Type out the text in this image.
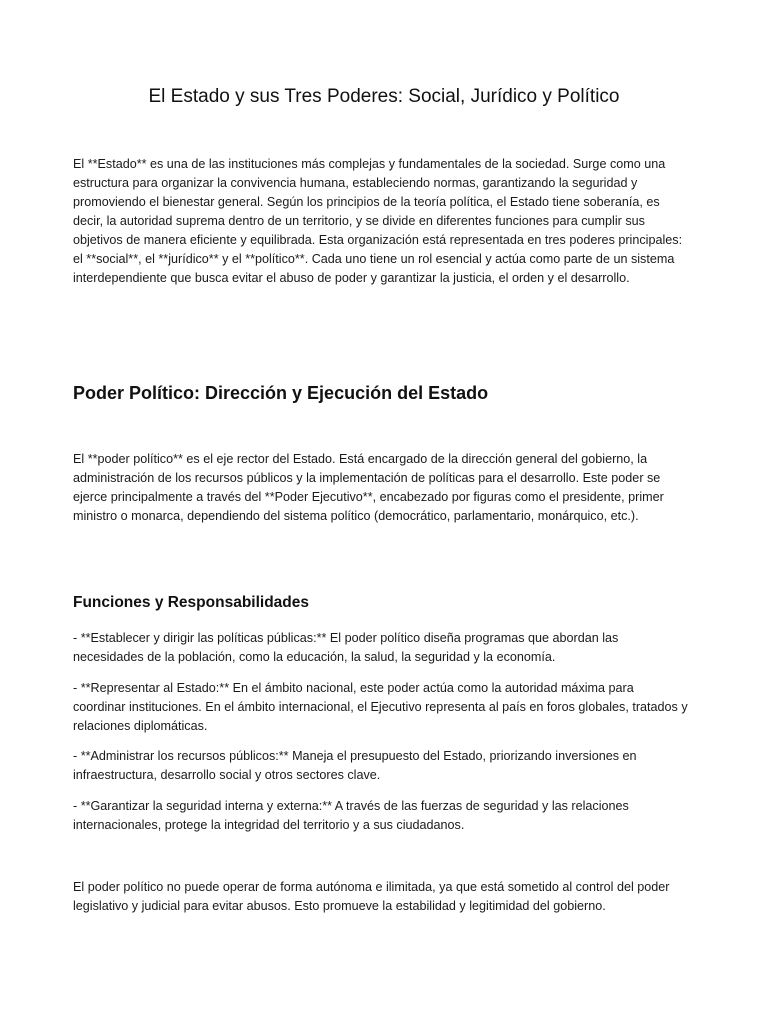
El Estado y sus Tres Poderes: Social, Jurídico y Político

El **Estado** es una de las instituciones más complejas y fundamentales de la sociedad. Surge como una estructura para organizar la convivencia humana, estableciendo normas, garantizando la seguridad y promoviendo el bienestar general. Según los principios de la teoría política, el Estado tiene soberanía, es decir, la autoridad suprema dentro de un territorio, y se divide en diferentes funciones para cumplir sus objetivos de manera eficiente y equilibrada. Esta organización está representada en tres poderes principales: el **social**, el **jurídico** y el **político**. Cada uno tiene un rol esencial y actúa como parte de un sistema interdependiente que busca evitar el abuso de poder y garantizar la justicia, el orden y el desarrollo.

Poder Político: Dirección y Ejecución del Estado

El **poder político** es el eje rector del Estado. Está encargado de la dirección general del gobierno, la administración de los recursos públicos y la implementación de políticas para el desarrollo. Este poder se ejerce principalmente a través del **Poder Ejecutivo**, encabezado por figuras como el presidente, primer ministro o monarca, dependiendo del sistema político (democrático, parlamentario, monárquico, etc.).

Funciones y Responsabilidades

- **Establecer y dirigir las políticas públicas:** El poder político diseña programas que abordan las necesidades de la población, como la educación, la salud, la seguridad y la economía.

- **Representar al Estado:** En el ámbito nacional, este poder actúa como la autoridad máxima para coordinar instituciones. En el ámbito internacional, el Ejecutivo representa al país en foros globales, tratados y relaciones diplomáticas.

- **Administrar los recursos públicos:** Maneja el presupuesto del Estado, priorizando inversiones en infraestructura, desarrollo social y otros sectores clave.

- **Garantizar la seguridad interna y externa:** A través de las fuerzas de seguridad y las relaciones internacionales, protege la integridad del territorio y a sus ciudadanos.

El poder político no puede operar de forma autónoma e ilimitada, ya que está sometido al control del poder legislativo y judicial para evitar abusos. Esto promueve la estabilidad y legitimidad del gobierno.
